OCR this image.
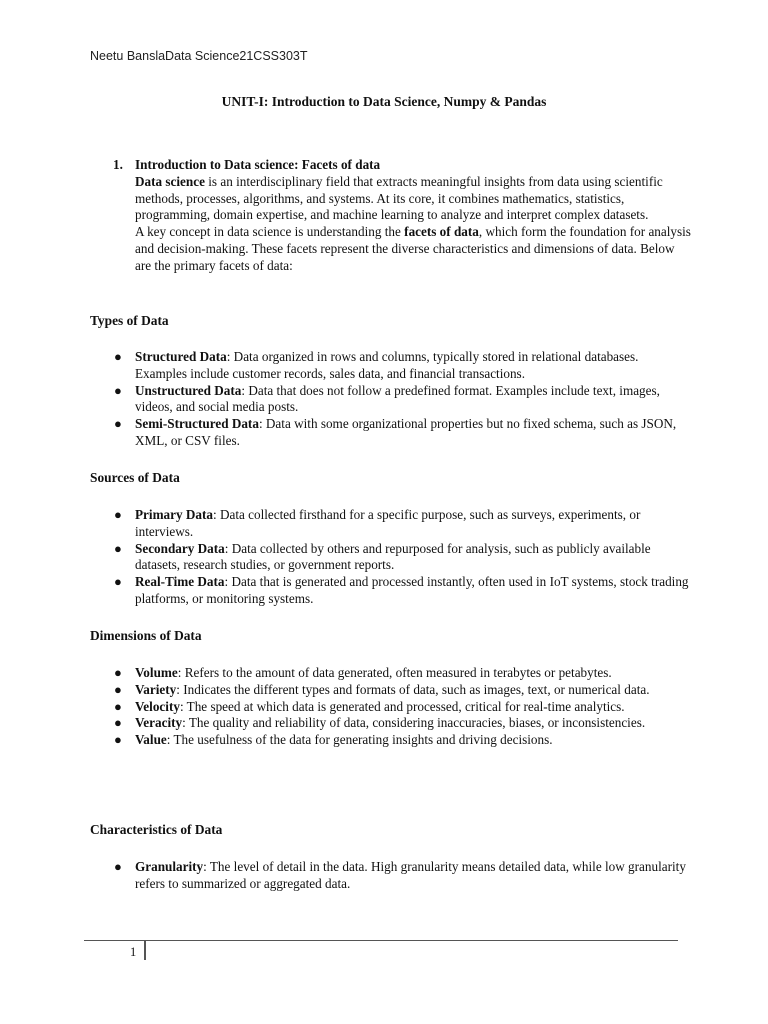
Neetu BanslaData Science21CSS303T
UNIT-I: Introduction to Data Science, Numpy & Pandas
1. Introduction to Data science: Facets of data

Data science is an interdisciplinary field that extracts meaningful insights from data using scientific methods, processes, algorithms, and systems. At its core, it combines mathematics, statistics, programming, domain expertise, and machine learning to analyze and interpret complex datasets.

A key concept in data science is understanding the facets of data, which form the foundation for analysis and decision-making. These facets represent the diverse characteristics and dimensions of data. Below are the primary facets of data:

Types of Data
● Structured Data: Data organized in rows and columns, typically stored in relational databases. Examples include customer records, sales data, and financial transactions.
● Unstructured Data: Data that does not follow a predefined format. Examples include text, images, videos, and social media posts.
● Semi-Structured Data: Data with some organizational properties but no fixed schema, such as JSON, XML, or CSV files.
Sources of Data
● Primary Data: Data collected firsthand for a specific purpose, such as surveys, experiments, or interviews.
● Secondary Data: Data collected by others and repurposed for analysis, such as publicly available datasets, research studies, or government reports.
● Real-Time Data: Data that is generated and processed instantly, often used in IoT systems, stock trading platforms, or monitoring systems.
Dimensions of Data
● Volume: Refers to the amount of data generated, often measured in terabytes or petabytes.
● Variety: Indicates the different types and formats of data, such as images, text, or numerical data.
● Velocity: The speed at which data is generated and processed, critical for real-time analytics.
● Veracity: The quality and reliability of data, considering inaccuracies, biases, or inconsistencies.
● Value: The usefulness of the data for generating insights and driving decisions.
Characteristics of Data
● Granularity: The level of detail in the data. High granularity means detailed data, while low granularity refers to summarized or aggregated data.
1
